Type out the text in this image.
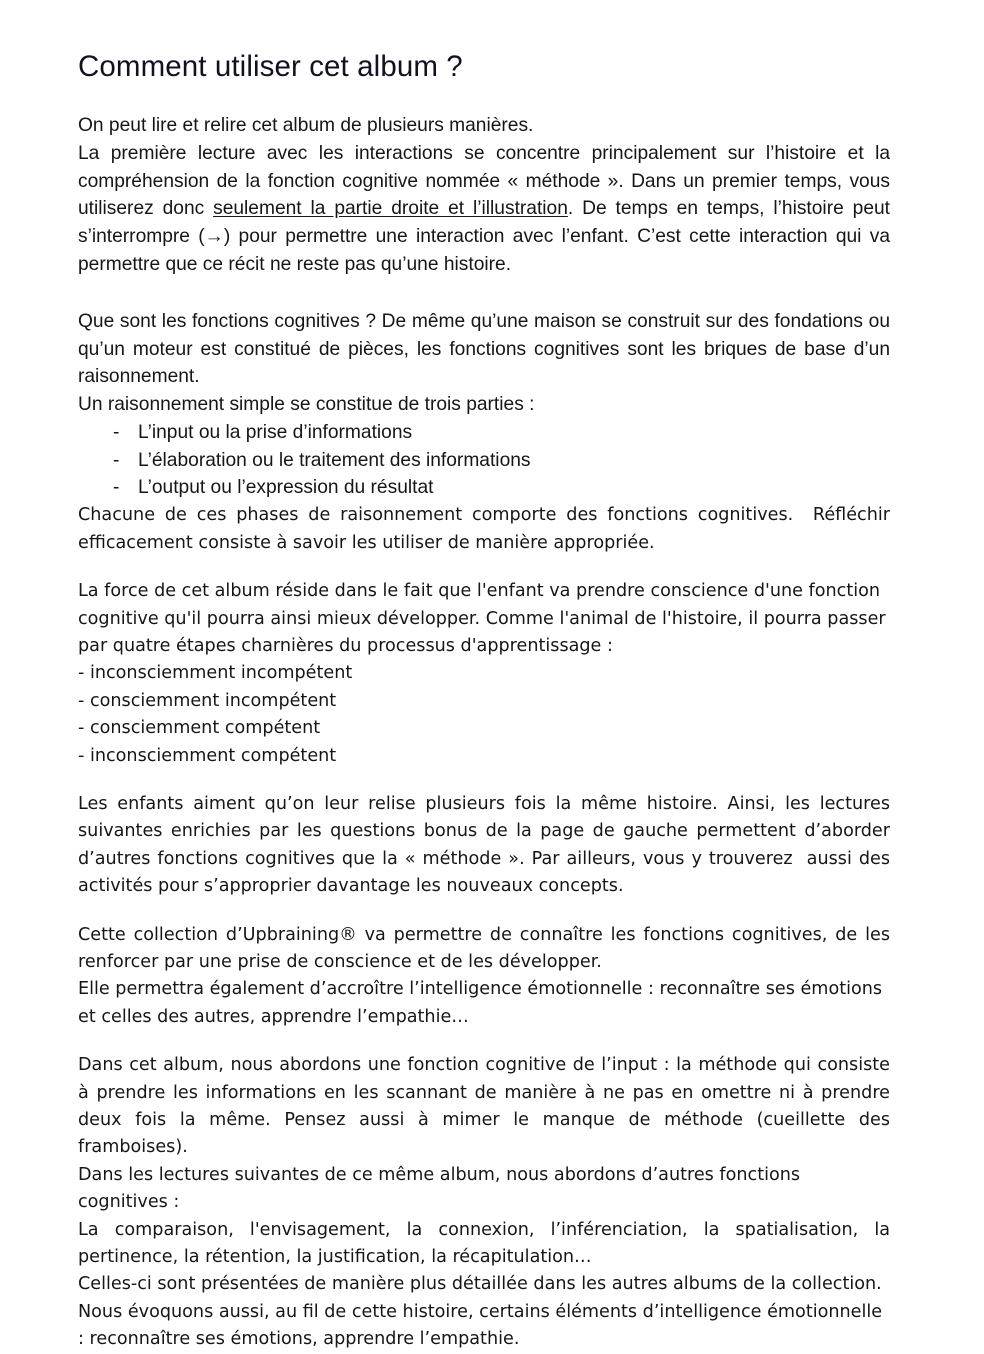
Comment utiliser cet album ?

On peut lire et relire cet album de plusieurs manières.

La première lecture avec les interactions se concentre principalement sur l’histoire et la compréhension de la fonction cognitive nommée « méthode ». Dans un premier temps, vous utiliserez donc seulement la partie droite et l’illustration. De temps en temps, l’histoire peut s’interrompre (→) pour permettre une interaction avec l’enfant. C’est cette interaction qui va permettre que ce récit ne reste pas qu’une histoire.

Que sont les fonctions cognitives ? De même qu’une maison se construit sur des fondations ou qu’un moteur est constitué de pièces, les fonctions cognitives sont les briques de base d’un raisonnement.

Un raisonnement simple se constitue de trois parties :

- L’input ou la prise d’informations
- L’élaboration ou le traitement des informations
- L’output ou l’expression du résultat

Chacune de ces phases de raisonnement comporte des fonctions cognitives.  Réfléchir efficacement consiste à savoir les utiliser de manière appropriée.

La force de cet album réside dans le fait que l'enfant va prendre conscience d'une fonction cognitive qu'il pourra ainsi mieux développer. Comme l'animal de l'histoire, il pourra passer par quatre étapes charnières du processus d'apprentissage :

- inconsciemment incompétent
- consciemment incompétent
- consciemment compétent
- inconsciemment compétent

Les enfants aiment qu’on leur relise plusieurs fois la même histoire. Ainsi, les lectures suivantes enrichies par les questions bonus de la page de gauche permettent d’aborder d’autres fonctions cognitives que la « méthode ». Par ailleurs, vous y trouverez  aussi des activités pour s’approprier davantage les nouveaux concepts.

Cette collection d’Upbraining® va permettre de connaître les fonctions cognitives, de les renforcer par une prise de conscience et de les développer.

Elle permettra également d’accroître l’intelligence émotionnelle : reconnaître ses émotions et celles des autres, apprendre l’empathie…

Dans cet album, nous abordons une fonction cognitive de l’input : la méthode qui consiste à prendre les informations en les scannant de manière à ne pas en omettre ni à prendre deux fois la même. Pensez aussi à mimer le manque de méthode (cueillette des framboises).

Dans les lectures suivantes de ce même album, nous abordons d’autres fonctions cognitives :

La comparaison, l'envisagement, la connexion, l’inférenciation, la spatialisation, la pertinence, la rétention, la justification, la récapitulation…

Celles-ci sont présentées de manière plus détaillée dans les autres albums de la collection.

Nous évoquons aussi, au fil de cette histoire, certains éléments d’intelligence émotionnelle : reconnaître ses émotions, apprendre l’empathie.
